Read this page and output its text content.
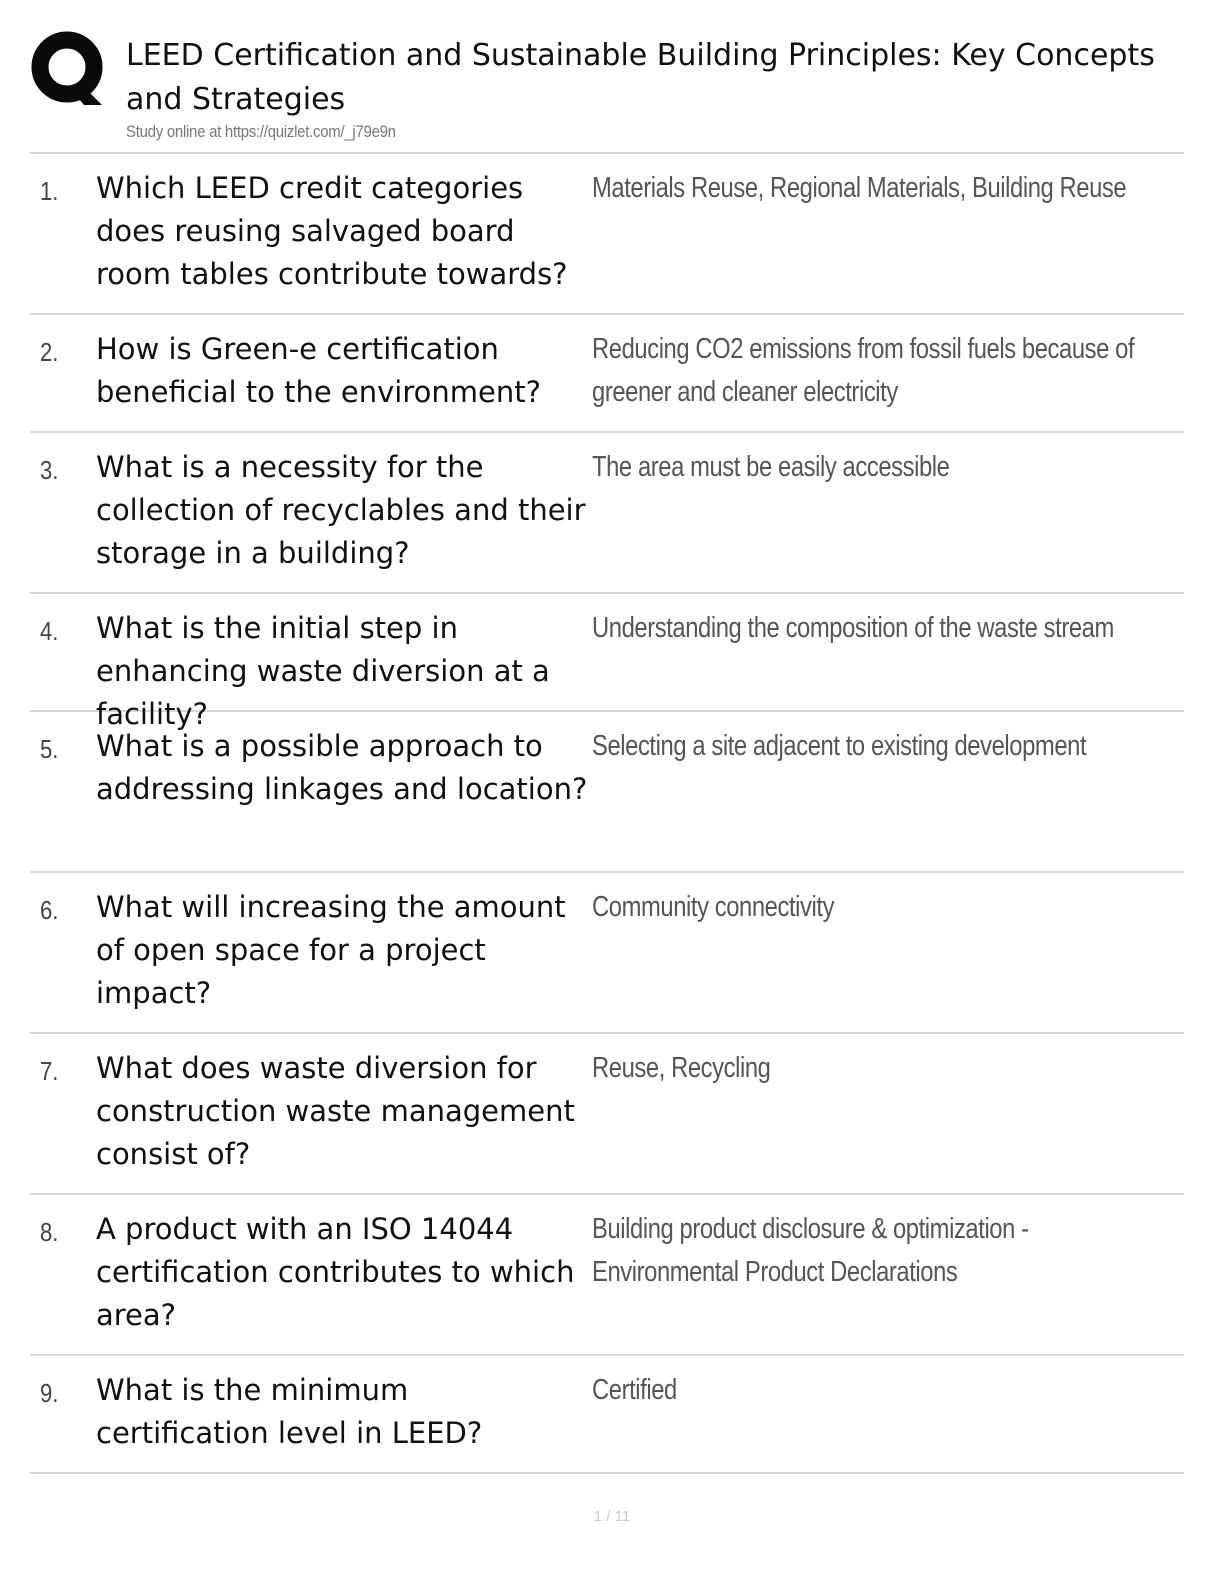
LEED Certification and Sustainable Building Principles: Key Concepts and Strategies
Study online at https://quizlet.com/_j79e9n
1. Which LEED credit categories does reusing salvaged board room tables contribute towards?

Materials Reuse, Regional Materials, Building Reuse

2. How is Green-e certification beneficial to the environment?

Reducing CO2 emissions from fossil fuels because of greener and cleaner electricity

3. What is a necessity for the collection of recyclables and their storage in a building?

The area must be easily accessible

4. What is the initial step in enhancing waste diversion at a facility?

Understanding the composition of the waste stream

5. What is a possible approach to addressing linkages and location?

Selecting a site adjacent to existing development

6. What will increasing the amount of open space for a project impact?

Community connectivity

7. What does waste diversion for construction waste management consist of?

Reuse, Recycling

8. A product with an ISO 14044 certification contributes to which area?

Building product disclosure & optimization - Environmental Product Declarations

9. What is the minimum certification level in LEED?

Certified

1 / 11
